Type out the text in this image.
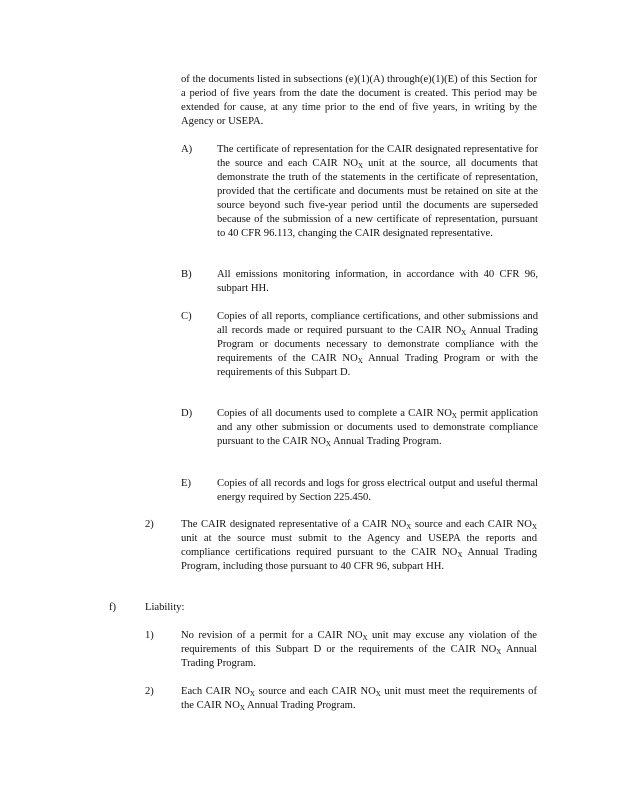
of the documents listed in subsections (e)(1)(A) through(e)(1)(E) of this Section for a period of five years from the date the document is created. This period may be extended for cause, at any time prior to the end of five years, in writing by the Agency or USEPA.

A) The certificate of representation for the CAIR designated representative for the source and each CAIR $NO_X$ unit at the source, all documents that demonstrate the truth of the statements in the certificate of representation, provided that the certificate and documents must be retained on site at the source beyond such five-year period until the documents are superseded because of the submission of a new certificate of representation, pursuant to 40 CFR 96.113, changing the CAIR designated representative.

B) All emissions monitoring information, in accordance with 40 CFR 96, subpart HH.

C) Copies of all reports, compliance certifications, and other submissions and all records made or required pursuant to the CAIR $NO_X$ Annual Trading Program or documents necessary to demonstrate compliance with the requirements of the CAIR $NO_X$ Annual Trading Program or with the requirements of this Subpart D.

D) Copies of all documents used to complete a CAIR $NO_X$ permit application and any other submission or documents used to demonstrate compliance pursuant to the CAIR $NO_X$ Annual Trading Program.

E) Copies of all records and logs for gross electrical output and useful thermal energy required by Section 225.450.

2)	The CAIR designated representative of a CAIR $NO_X$ source and each CAIR $NO_X$ unit at the source must submit to the Agency and USEPA the reports and compliance certifications required pursuant to the CAIR $NO_X$ Annual Trading Program, including those pursuant to 40 CFR 96, subpart HH.

f)	Liability:

1)	No revision of a permit for a CAIR $NO_X$ unit may excuse any violation of the requirements of this Subpart D or the requirements of the CAIR $NO_X$ Annual Trading Program.

2)	Each CAIR $NO_X$ source and each CAIR $NO_X$ unit must meet the requirements of the CAIR $NO_X$ Annual Trading Program.
